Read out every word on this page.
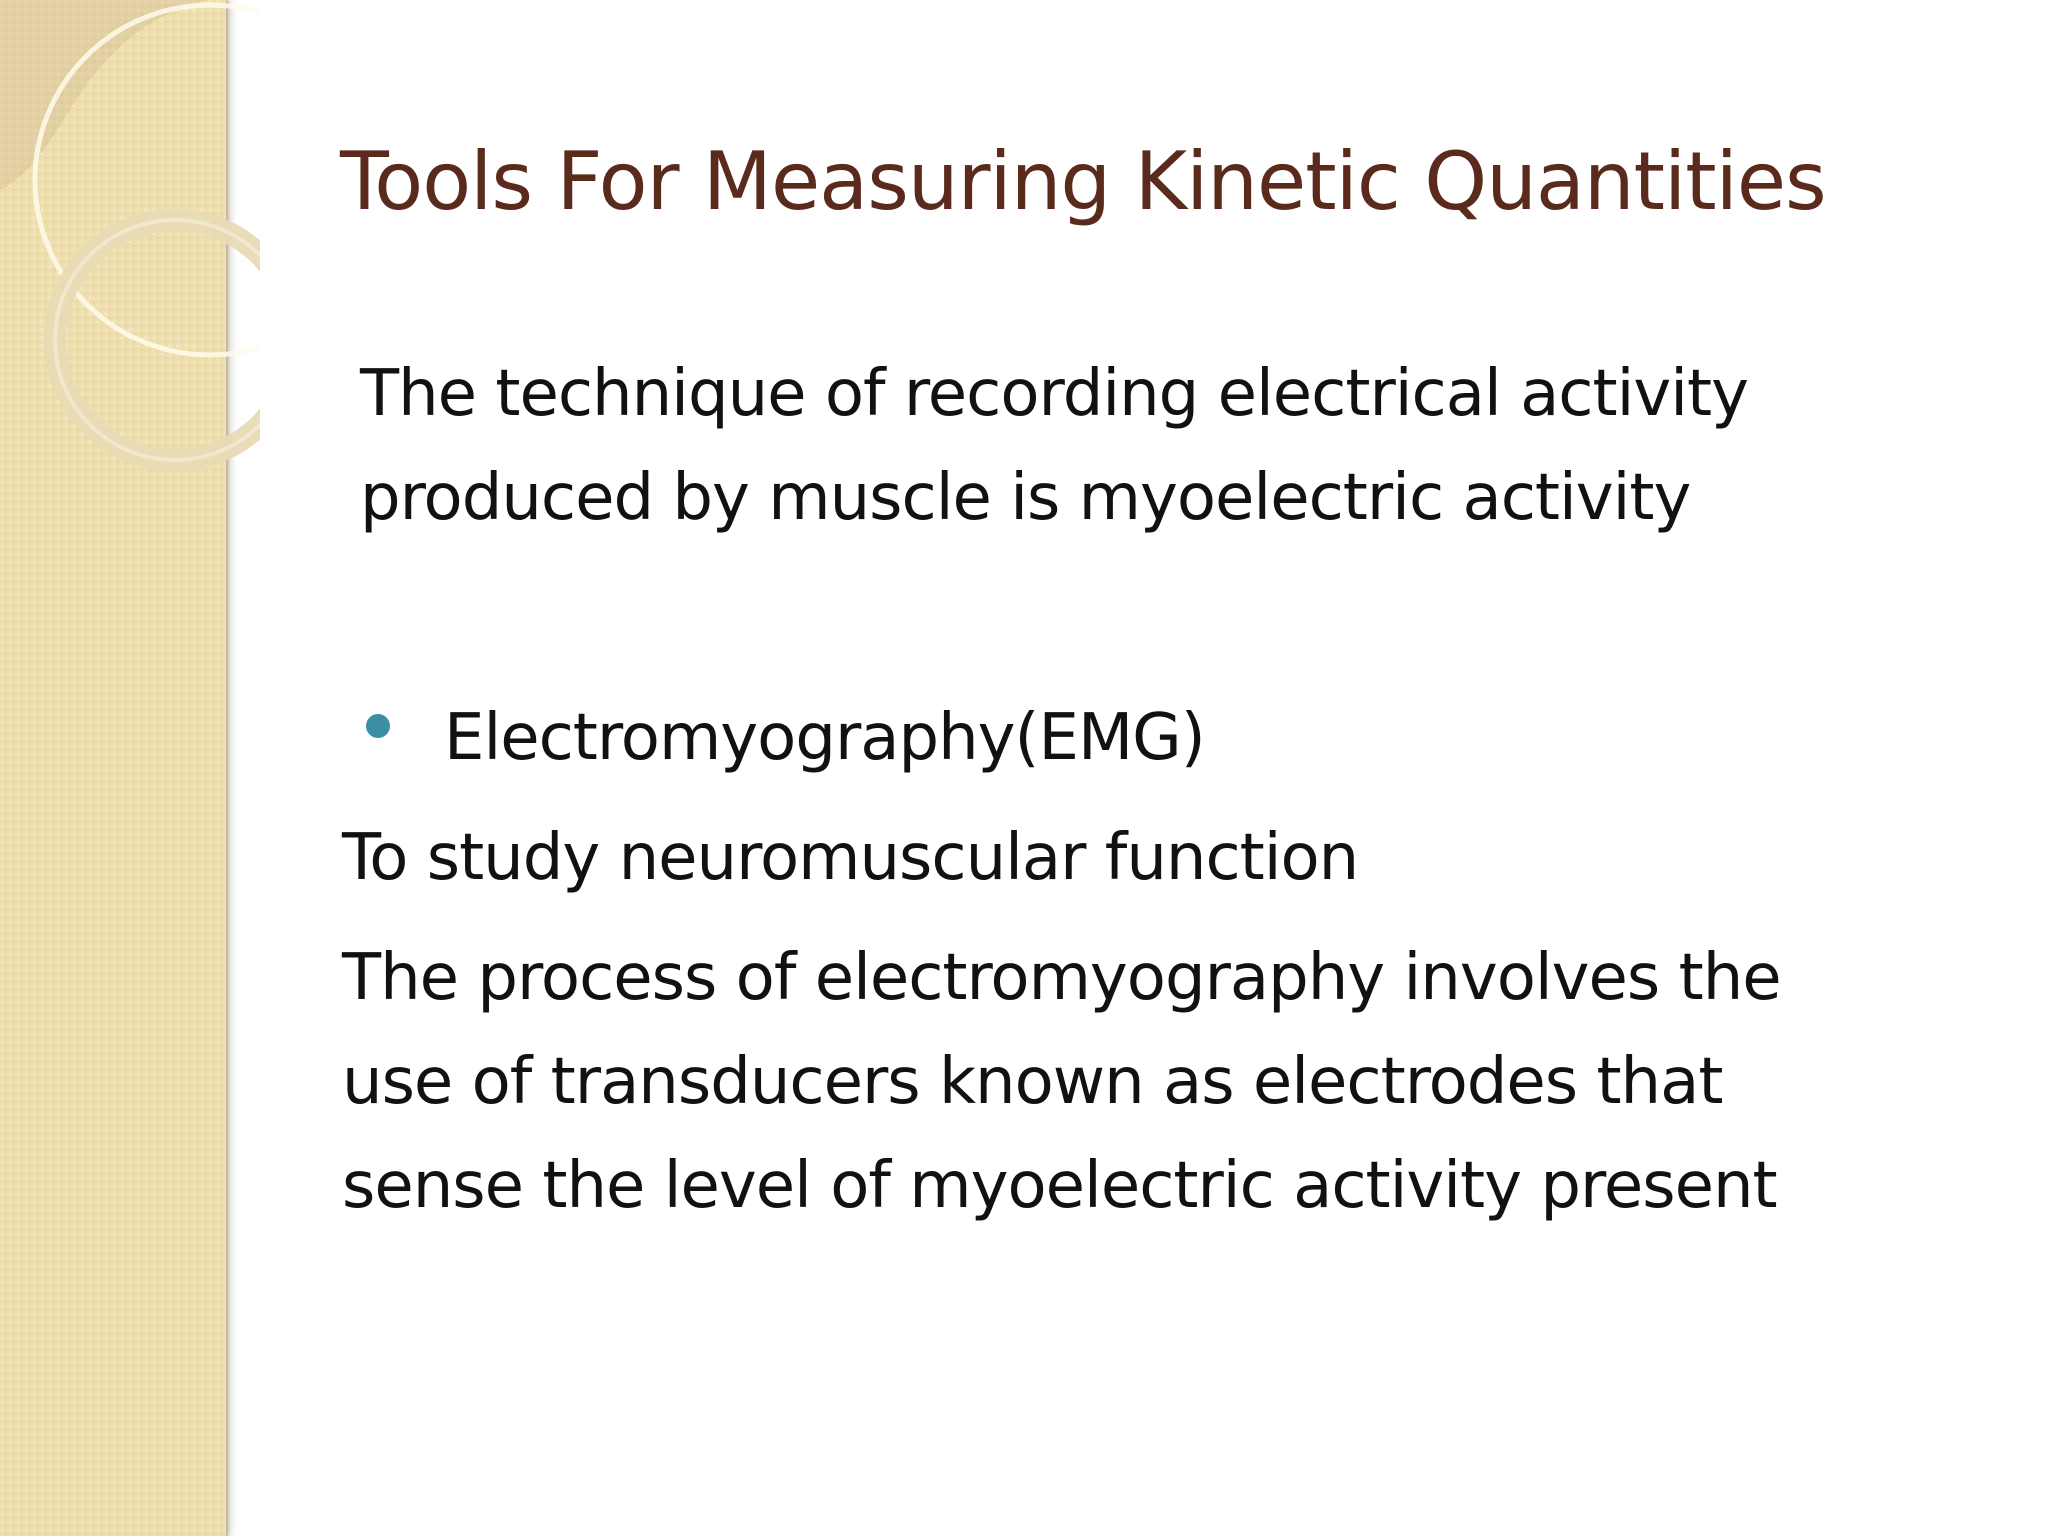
Tools For Measuring Kinetic Quantities
The technique of recording electrical activity
produced by muscle is myoelectric activity
Electromyography(EMG)
To study neuromuscular function
The process of electromyography involves the
use of transducers known as electrodes that
sense the level of myoelectric activity present
